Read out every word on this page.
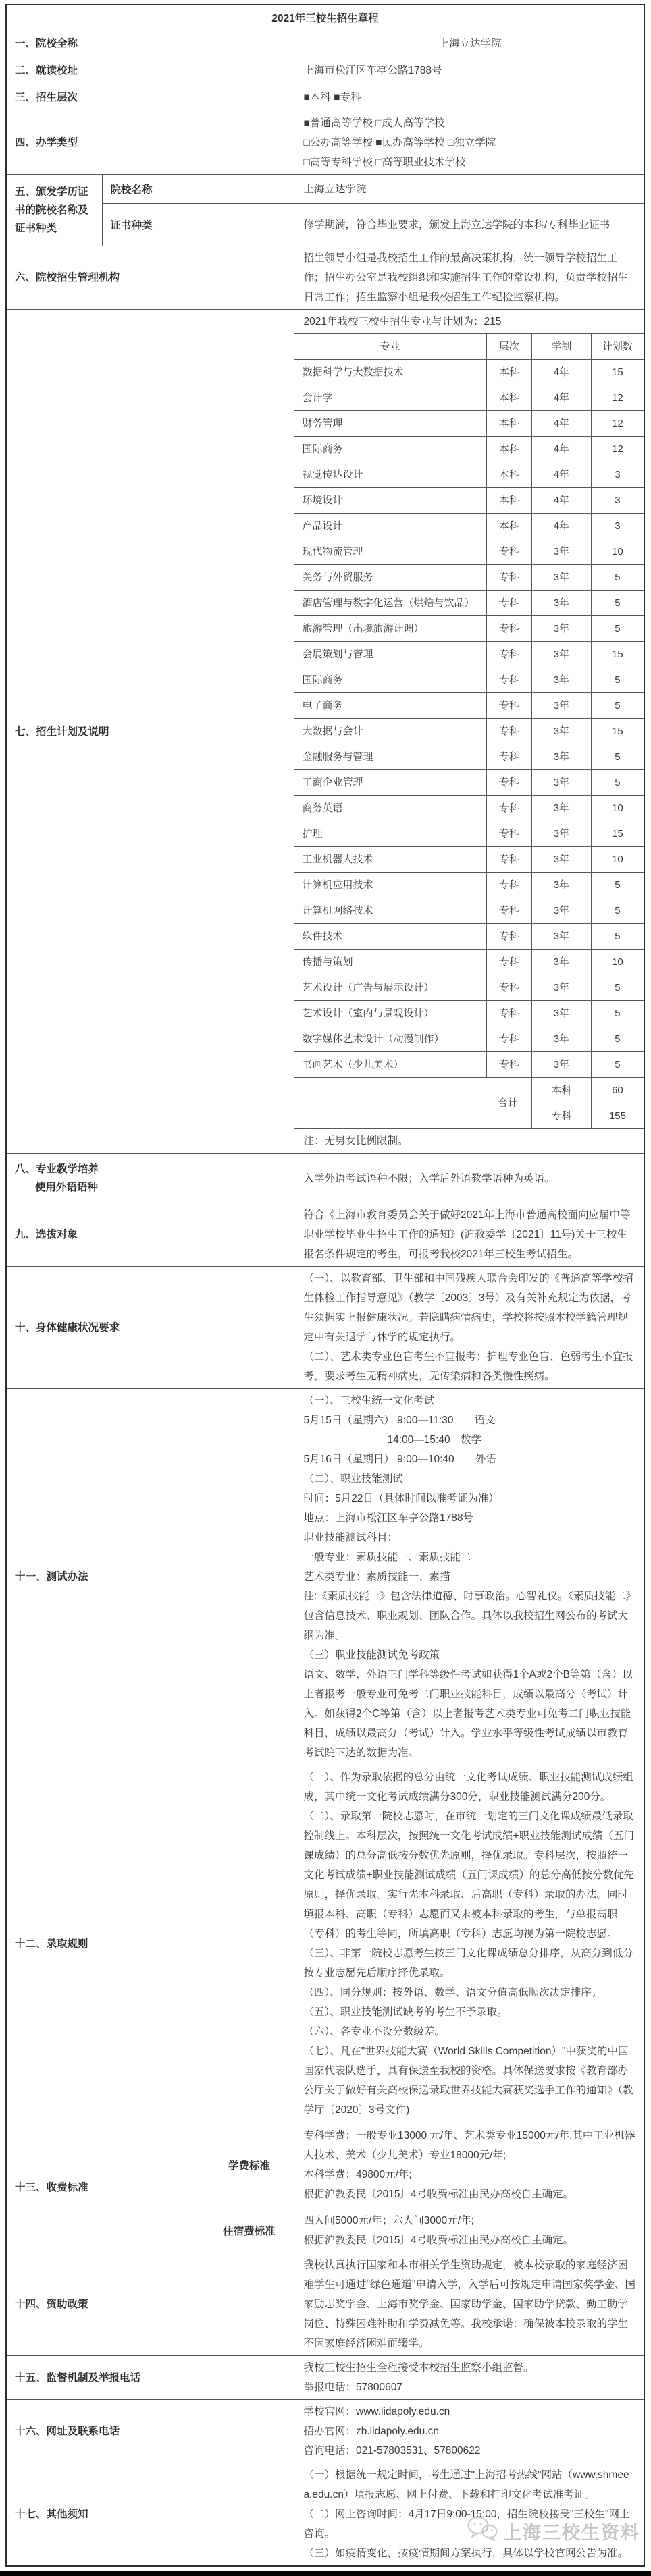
2021年三校生招生章程
一、院校全称	上海立达学院
二、就读校址	上海市松江区车亭公路1788号
三、招生层次	■本科 ■专科
四、办学类型	
■普通高等学校 □成人高等学校
□公办高等学校 ■民办高等学校 □独立学院
□高等专科学校 □高等职业技术学校

五、颁发学历证书的院校名称及证书种类	院校名称	上海立达学院
证书种类	修学期满，符合毕业要求，颁发上海立达学院的本科/专科毕业证书
六、院校招生管理机构	招生领导小组是我校招生工作的最高决策机构，统一领导学校招生工作；招生办公室是我校组织和实施招生工作的常设机构，负责学校招生日常工作；招生监察小组是我校招生工作纪检监察机构。
七、招生计划及说明	
2021年我校三校生招生专业与计划为：215
专业	层次	学制	计划数
数据科学与大数据技术	本科	4年	15
会计学	本科	4年	12
财务管理	本科	4年	12
国际商务	本科	4年	12
视觉传达设计	本科	4年	3
环境设计	本科	4年	3
产品设计	本科	4年	3
现代物流管理	专科	3年	10
关务与外贸服务	专科	3年	5
酒店管理与数字化运营（烘焙与饮品）	专科	3年	5
旅游管理（出境旅游计调）	专科	3年	5
会展策划与管理	专科	3年	15
国际商务	专科	3年	5
电子商务	专科	3年	5
大数据与会计	专科	3年	15
金融服务与管理	专科	3年	5
工商企业管理	专科	3年	5
商务英语	专科	3年	10
护理	专科	3年	15
工业机器人技术	专科	3年	10
计算机应用技术	专科	3年	5
计算机网络技术	专科	3年	5
软件技术	专科	3年	5
传播与策划	专科	3年	10
艺术设计（广告与展示设计）	专科	3年	5
艺术设计（室内与景观设计）	专科	3年	5
数字媒体艺术设计（动漫制作）	专科	3年	5
书画艺术（少儿美术）	专科	3年	5
合计	本科	60
专科	155
注：无男女比例限制。

八、专业教学培养
使用外语语种
	入学外语考试语种不限；入学后外语教学语种为英语。
九、选拔对象	符合《上海市教育委员会关于做好2021年上海市普通高校面向应届中等职业学校毕业生招生工作的通知》(沪教委学〔2021〕11号)关于三校生报名条件规定的考生，可报考我校2021年三校生考试招生。
十、身体健康状况要求	
（一）、以教育部、卫生部和中国残疾人联合会印发的《普通高等学校招生体检工作指导意见》（教学〔2003〕3号）及有关补充规定为依据，考生须据实上报健康状况。若隐瞒病情病史，学校将按照本校学籍管理规定中有关退学与休学的规定执行。
（二）、艺术类专业色盲考生不宜报考；护理专业色盲、色弱考生不宜报考，要求考生无精神病史，无传染病和各类慢性疾病。

十一、测试办法	
（一）、三校生统一文化考试
5月15日（星期六） 9:00—11:30　　语文
　　　　　　　　14:00—15:40　数学
5月16日（星期日） 9:00—10:40　　外语
（二）、职业技能测试
时间：5月22日（具体时间以准考证为准）
地点：上海市松江区车亭公路1788号
职业技能测试科目：
一般专业：素质技能一、素质技能二
艺术类专业：素质技能一、素描
注:《素质技能一》包含法律道德、时事政治。心智礼仪。《素质技能二》包含信息技术、职业规划、团队合作。具体以我校招生网公布的考试大纲为准。
（三）职业技能测试免考政策
语文、数学、外语三门学科等级性考试如获得1个A或2个B等第（含）以上者报考一般专业可免考二门职业技能科目，成绩以最高分（考试）计入。如获得2个C等第（含）以上者报考艺术类专业可免考二门职业技能科目，成绩以最高分（考试）计入。学业水平等级性考试成绩以市教育考试院下达的数据为准。

十二、录取规则	
（一）、作为录取依据的总分由统一文化考试成绩、职业技能测试成绩组成，其中统一文化考试成绩满分300分，职业技能测试满分200分。
（二）、录取第一院校志愿时，在市统一划定的三门文化课成绩最低录取控制线上。本科层次，按照统一文化考试成绩+职业技能测试成绩（五门课成绩）的总分高低按分数优先原则，择优录取。专科层次，按照统一文化考试成绩+职业技能测试成绩（五门课成绩）的总分高低按分数优先原则，择优录取。实行先本科录取、后高职（专科）录取的办法。同时填报本科、高职（专科）志愿而又未被本科录取的考生，与单报高职（专科）的考生等同，所填高职（专科）志愿均视为第一院校志愿。
（三）、非第一院校志愿考生按三门文化课成绩总分排序，从高分到低分按专业志愿先后顺序择优录取。
（四）、同分规则：按外语、数学、语文分值高低顺次决定排序。
（五）、职业技能测试缺考的考生不予录取。
（六）、各专业不设分数级差。
（七）、凡在"世界技能大赛（World Skills Competition）"中获奖的中国国家代表队选手，具有保送至我校的资格。具体保送要求按《教育部办公厅关于做好有关高校保送录取世界技能大赛获奖选手工作的通知》（教学厅〔2020〕3号文件)

十三、收费标准	学费标准	
专科学费：一般专业13000 元/年、艺术类专业15000元/年,其中工业机器人技术、美术（少儿美术）专业18000元/年;
本科学费：49800元/年;
根据沪教委民〔2015〕4号收费标准由民办高校自主确定。

住宿费标准	
四人间5000元/年；六人间3000元/年;
根据沪教委民〔2015〕4号收费标准由民办高校自主确定。

十四、资助政策	我校认真执行国家和本市相关学生资助规定，被本校录取的家庭经济困难学生可通过"绿色通道"申请入学，入学后可按规定申请国家奖学金、国家励志奖学金、上海市奖学金、国家助学金、国家助学贷款、勤工助学岗位、特殊困难补助和学费减免等。我校承诺：确保被本校录取的学生不因家庭经济困难而辍学。
十五、监督机制及举报电话	
我校三校生招生全程接受本校招生监察小组监督。
举报电话：57800607

十六、网址及联系电话	
学校官网：www.lidapoly.edu.cn
招办官网：zb.lidapoly.edu.cn
咨询电话：021-57803531、57800622

十七、其他须知	
（一）根据统一规定时间，考生通过"上海招考热线"网站（www.shmeea.edu.cn）填报志愿、网上付费、下载和打印文化考试准考证。
（二）网上咨询时间：4月17日9:00-15:00，招生院校接受"三校生"网上咨询。
（三）如疫情变化，按疫情期间方案执行，具体以学校官网公告为准。
上海三校生资料
